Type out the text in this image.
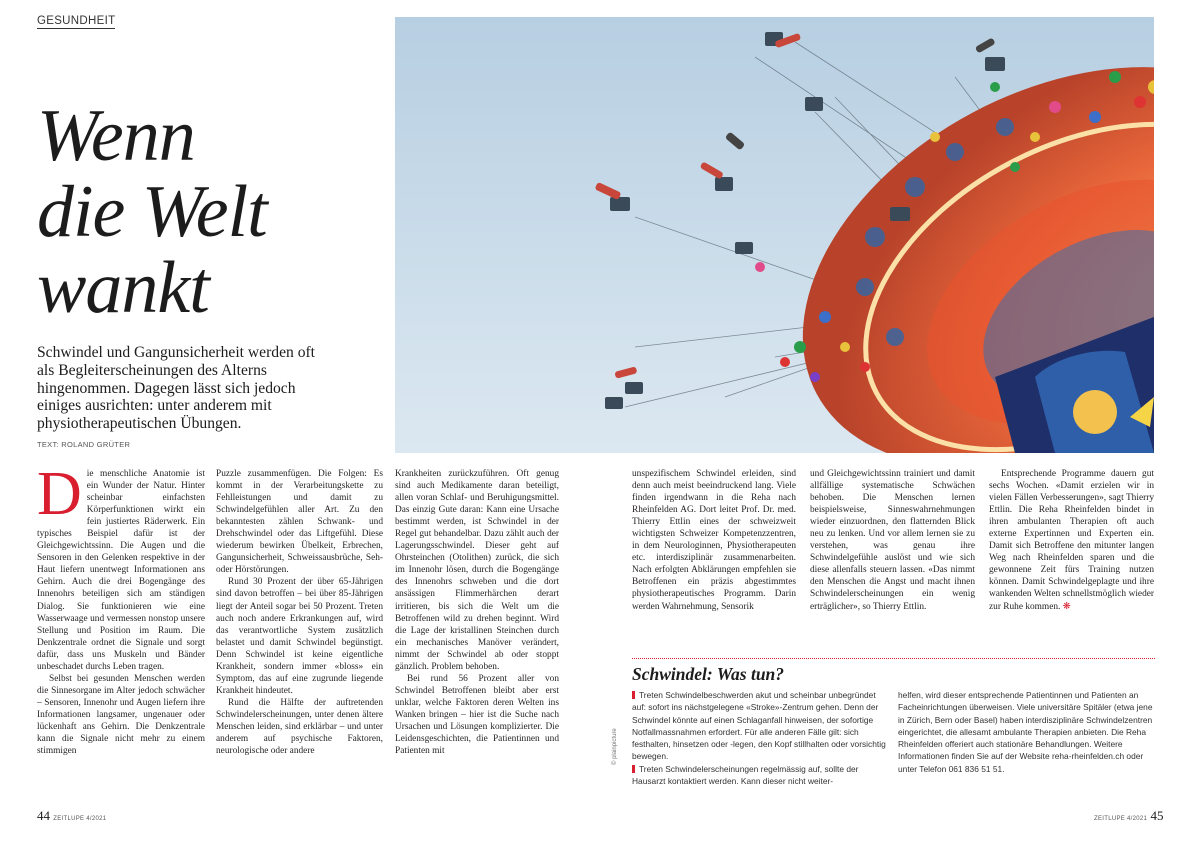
GESUNDHEIT
Wenn
die Welt
wankt
Schwindel und Gangunsicherheit werden oft als Begleiterscheinungen des Alterns hingenommen. Dagegen lässt sich jedoch einiges ausrichten: unter anderem mit physiotherapeutischen Übungen.
TEXT: ROLAND GRÜTER
D ie menschliche Anatomie ist ein Wunder der Natur. Hinter scheinbar einfachsten Körperfunktionen wirkt ein fein justiertes Räderwerk. Ein typisches Beispiel dafür ist der Gleichgewichtssinn. Die Augen und die Sensoren in den Gelenken respektive in der Haut liefern unentwegt Informationen ans Gehirn. Auch die drei Bogengänge des Innenohrs beteiligen sich am ständigen Dialog. Sie funktionieren wie eine Wasserwaage und vermessen nonstop unsere Stellung und Position im Raum. Die Denkzentrale ordnet die Signale und sorgt dafür, dass uns Muskeln und Bänder unbeschadet durchs Leben tragen.

Selbst bei gesunden Menschen werden die Sinnesorgane im Alter jedoch schwächer – Sensoren, Innenohr und Augen liefern ihre Informationen langsamer, ungenauer oder lückenhaft ans Gehirn. Die Denkzentrale kann die Signale nicht mehr zu einem stimmigen

Puzzle zusammenfügen. Die Folgen: Es kommt in der Verarbeitungskette zu Fehlleistungen und damit zu Schwindelgefühlen aller Art. Zu den bekanntesten zählen Schwank- und Drehschwindel oder das Liftgefühl. Diese wiederum bewirken Übelkeit, Erbrechen, Gangunsicherheit, Schweissausbrüche, Seh- oder Hörstörungen.

Rund 30 Prozent der über 65-Jährigen sind davon betroffen – bei über 85-Jährigen liegt der Anteil sogar bei 50 Prozent. Treten auch noch andere Erkrankungen auf, wird das verantwortliche System zusätzlich belastet und damit Schwindel begünstigt. Denn Schwindel ist keine eigentliche Krankheit, sondern immer «bloss» ein Symptom, das auf eine zugrunde liegende Krankheit hindeutet.

Rund die Hälfte der auftretenden Schwindelerscheinungen, unter denen ältere Menschen leiden, sind erklärbar – und unter anderem auf psychische Faktoren, neurologische oder andere

Krankheiten zurückzuführen. Oft genug sind auch Medikamente daran beteiligt, allen voran Schlaf- und Beruhigungsmittel. Das einzig Gute daran: Kann eine Ursache bestimmt werden, ist Schwindel in der Regel gut behandelbar. Dazu zählt auch der Lagerungsschwindel. Dieser geht auf Ohrsteinchen (Otolithen) zurück, die sich im Innenohr lösen, durch die Bogengänge des Innenohrs schweben und die dort ansässigen Flimmerhärchen derart irritieren, bis sich die Welt um die Betroffenen wild zu drehen beginnt. Wird die Lage der kristallinen Steinchen durch ein mechanisches Manöver verändert, nimmt der Schwindel ab oder stoppt gänzlich. Problem behoben.

Bei rund 56 Prozent aller von Schwindel Betroffenen bleibt aber erst unklar, welche Faktoren deren Welten ins Wanken bringen – hier ist die Suche nach Ursachen und Lösungen komplizierter. Die Leidensgeschichten, die Patientinnen und Patienten mit

44 ZEITLUPE 4/2021
© plainpicture

unspezifischem Schwindel erleiden, sind denn auch meist beeindruckend lang. Viele finden irgendwann in die Reha nach Rheinfelden AG. Dort leitet Prof. Dr. med. Thierry Ettlin eines der schweizweit wichtigsten Schweizer Kompetenzzentren, in dem Neurologinnen, Physiotherapeuten etc. interdisziplinär zusammenarbeiten. Nach erfolgten Abklärungen empfehlen sie Betroffenen ein präzis abgestimmtes physiotherapeutisches Programm. Darin werden Wahrnehmung, Sensorik

und Gleichgewichtssinn trainiert und damit allfällige systematische Schwächen behoben. Die Menschen lernen beispielsweise, Sinneswahrnehmungen wieder einzuordnen, den flatternden Blick neu zu lenken. Und vor allem lernen sie zu verstehen, was genau ihre Schwindelgefühle auslöst und wie sich diese allenfalls steuern lassen. «Das nimmt den Menschen die Angst und macht ihnen Schwindelerscheinungen ein wenig erträglicher», so Thierry Ettlin.

Entsprechende Programme dauern gut sechs Wochen. «Damit erzielen wir in vielen Fällen Verbesserungen», sagt Thierry Ettlin. Die Reha Rheinfelden bindet in ihren ambulanten Therapien oft auch externe Expertinnen und Experten ein. Damit sich Betroffene den mitunter langen Weg nach Rheinfelden sparen und die gewonnene Zeit fürs Training nutzen können. Damit Schwindelgeplagte und ihre wankenden Welten schnellstmöglich wieder zur Ruhe kommen. ❋

Schwindel: Was tun?

Treten Schwindelbeschwerden akut und scheinbar unbegründet auf: sofort ins nächstgelegene «Stroke»-Zentrum gehen. Denn der Schwindel könnte auf einen Schlaganfall hinweisen, der sofortige Notfallmassnahmen erfordert. Für alle anderen Fälle gilt: sich festhalten, hinsetzen oder -legen, den Kopf stillhalten oder vorsichtig bewegen.

Treten Schwindelerscheinungen regelmässig auf, sollte der Hausarzt kontaktiert werden. Kann dieser nicht weiter-

helfen, wird dieser entsprechende Patientinnen und Patienten an Facheinrichtungen überweisen. Viele universitäre Spitäler (etwa jene in Zürich, Bern oder Basel) haben interdisziplinäre Schwindelzentren eingerichtet, die allesamt ambulante Therapien anbieten. Die Reha Rheinfelden offeriert auch stationäre Behandlungen. Weitere Informationen finden Sie auf der Website reha-rheinfelden.ch oder unter Telefon 061 836 51 51.

ZEITLUPE 4/2021 45
